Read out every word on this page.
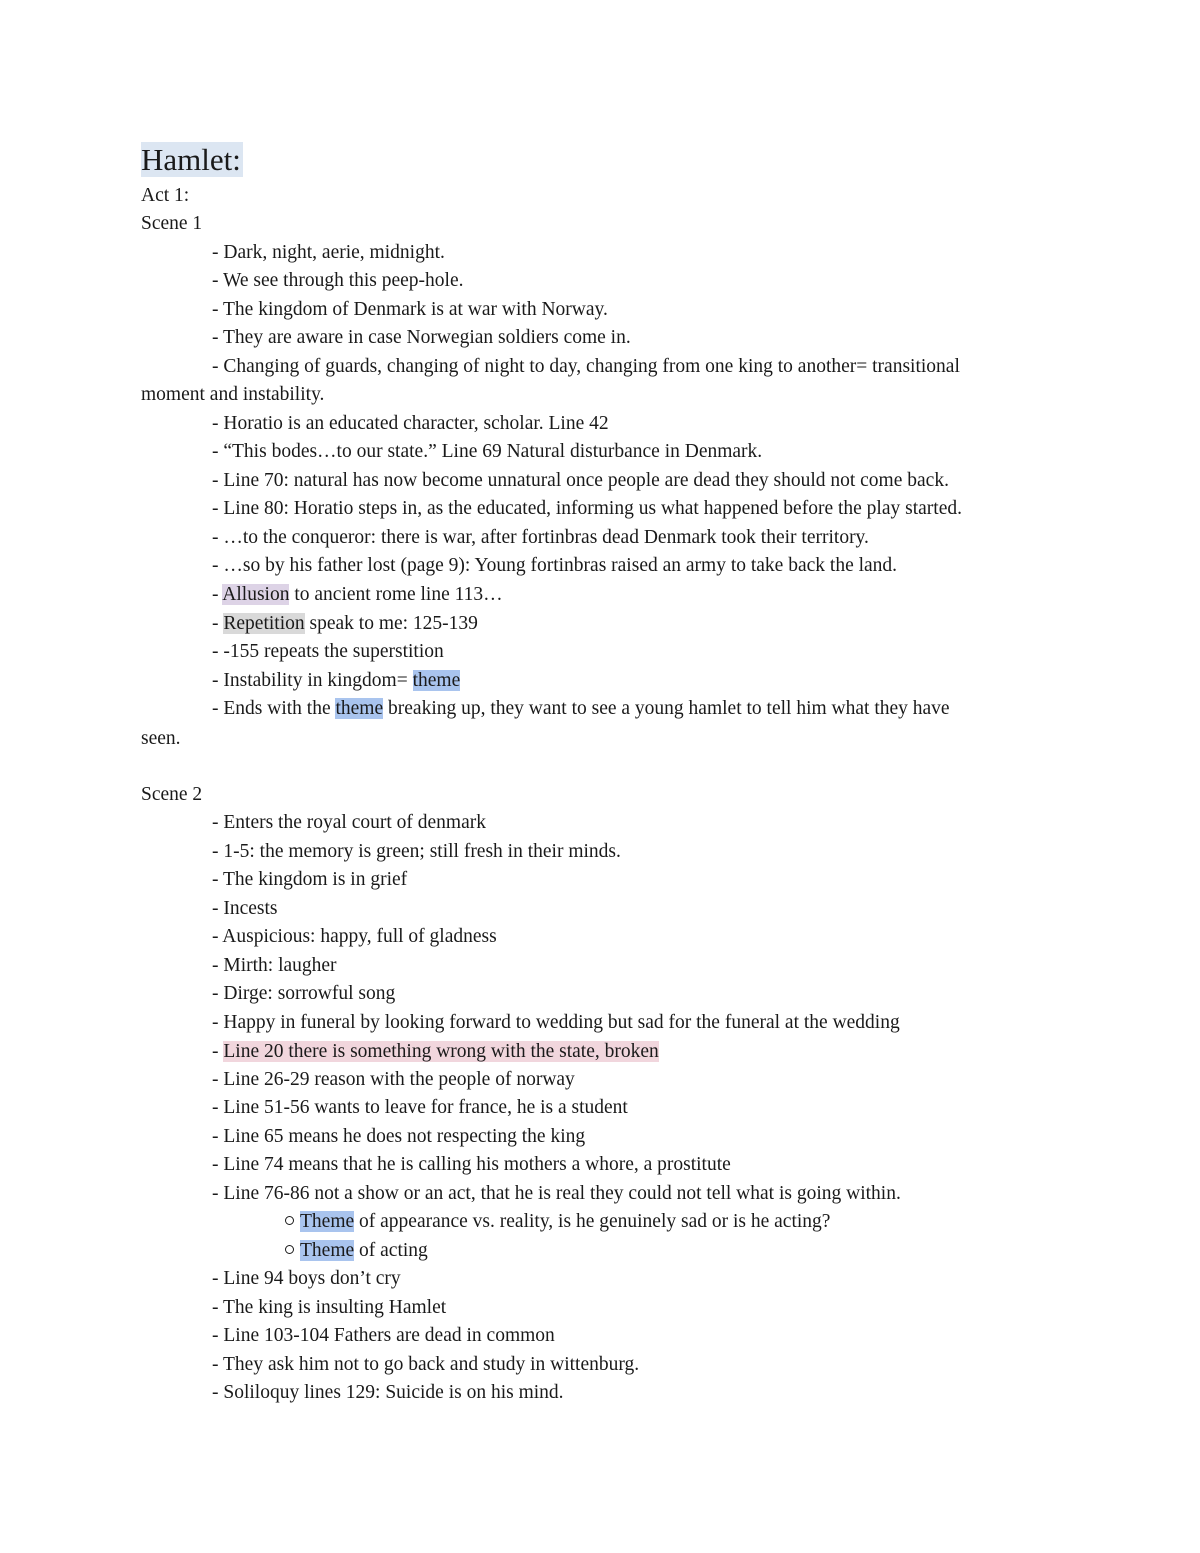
Hamlet:
Act 1:
Scene 1
- Dark, night, aerie, midnight.
- We see through this peep-hole.
- The kingdom of Denmark is at war with Norway.
- They are aware in case Norwegian soldiers come in.
- Changing of guards, changing of night to day, changing from one king to another= transitional
moment and instability.
- Horatio is an educated character, scholar. Line 42
- “This bodes…to our state.” Line 69 Natural disturbance in Denmark.
- Line 70: natural has now become unnatural once people are dead they should not come back.
- Line 80: Horatio steps in, as the educated, informing us what happened before the play started.
- …to the conqueror: there is war, after fortinbras dead Denmark took their territory.
- …so by his father lost (page 9): Young fortinbras raised an army to take back the land.
- Allusion to ancient rome line 113…
- Repetition speak to me: 125-139
- -155 repeats the superstition
- Instability in kingdom= theme
- Ends with the theme breaking up, they want to see a young hamlet to tell him what they have
seen.
Scene 2
- Enters the royal court of denmark
- 1-5: the memory is green; still fresh in their minds.
- The kingdom is in grief
- Incests
- Auspicious: happy, full of gladness
- Mirth: laugher
- Dirge: sorrowful song
- Happy in funeral by looking forward to wedding but sad for the funeral at the wedding
- Line 20 there is something wrong with the state, broken
- Line 26-29 reason with the people of norway
- Line 51-56 wants to leave for france, he is a student
- Line 65 means he does not respecting the king
- Line 74 means that he is calling his mothers a whore, a prostitute
- Line 76-86 not a show or an act, that he is real they could not tell what is going within.
Theme of appearance vs. reality, is he genuinely sad or is he acting?
Theme of acting
- Line 94 boys don’t cry
- The king is insulting Hamlet
- Line 103-104 Fathers are dead in common
- They ask him not to go back and study in wittenburg.
- Soliloquy lines 129: Suicide is on his mind.
